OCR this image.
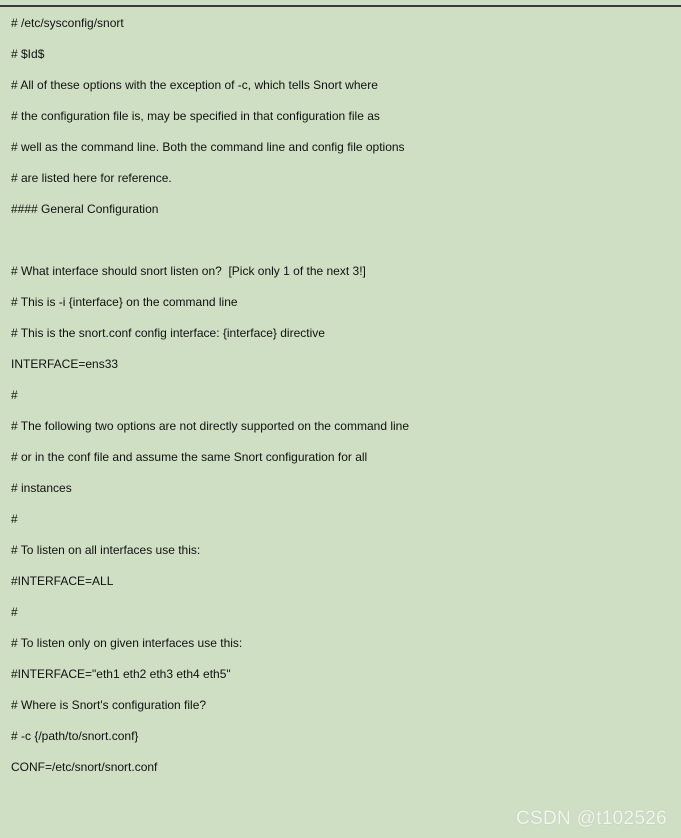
# /etc/sysconfig/snort
# $Id$
# All of these options with the exception of -c, which tells Snort where
# the configuration file is, may be specified in that configuration file as
# well as the command line. Both the command line and config file options
# are listed here for reference.
#### General Configuration
# What interface should snort listen on?  [Pick only 1 of the next 3!]
# This is -i {interface} on the command line
# This is the snort.conf config interface: {interface} directive
INTERFACE=ens33
#
# The following two options are not directly supported on the command line
# or in the conf file and assume the same Snort configuration for all
# instances
#
# To listen on all interfaces use this:
#INTERFACE=ALL
#
# To listen only on given interfaces use this:
#INTERFACE="eth1 eth2 eth3 eth4 eth5"
# Where is Snort's configuration file?
# -c {/path/to/snort.conf}
CONF=/etc/snort/snort.conf
CSDN @t102526
